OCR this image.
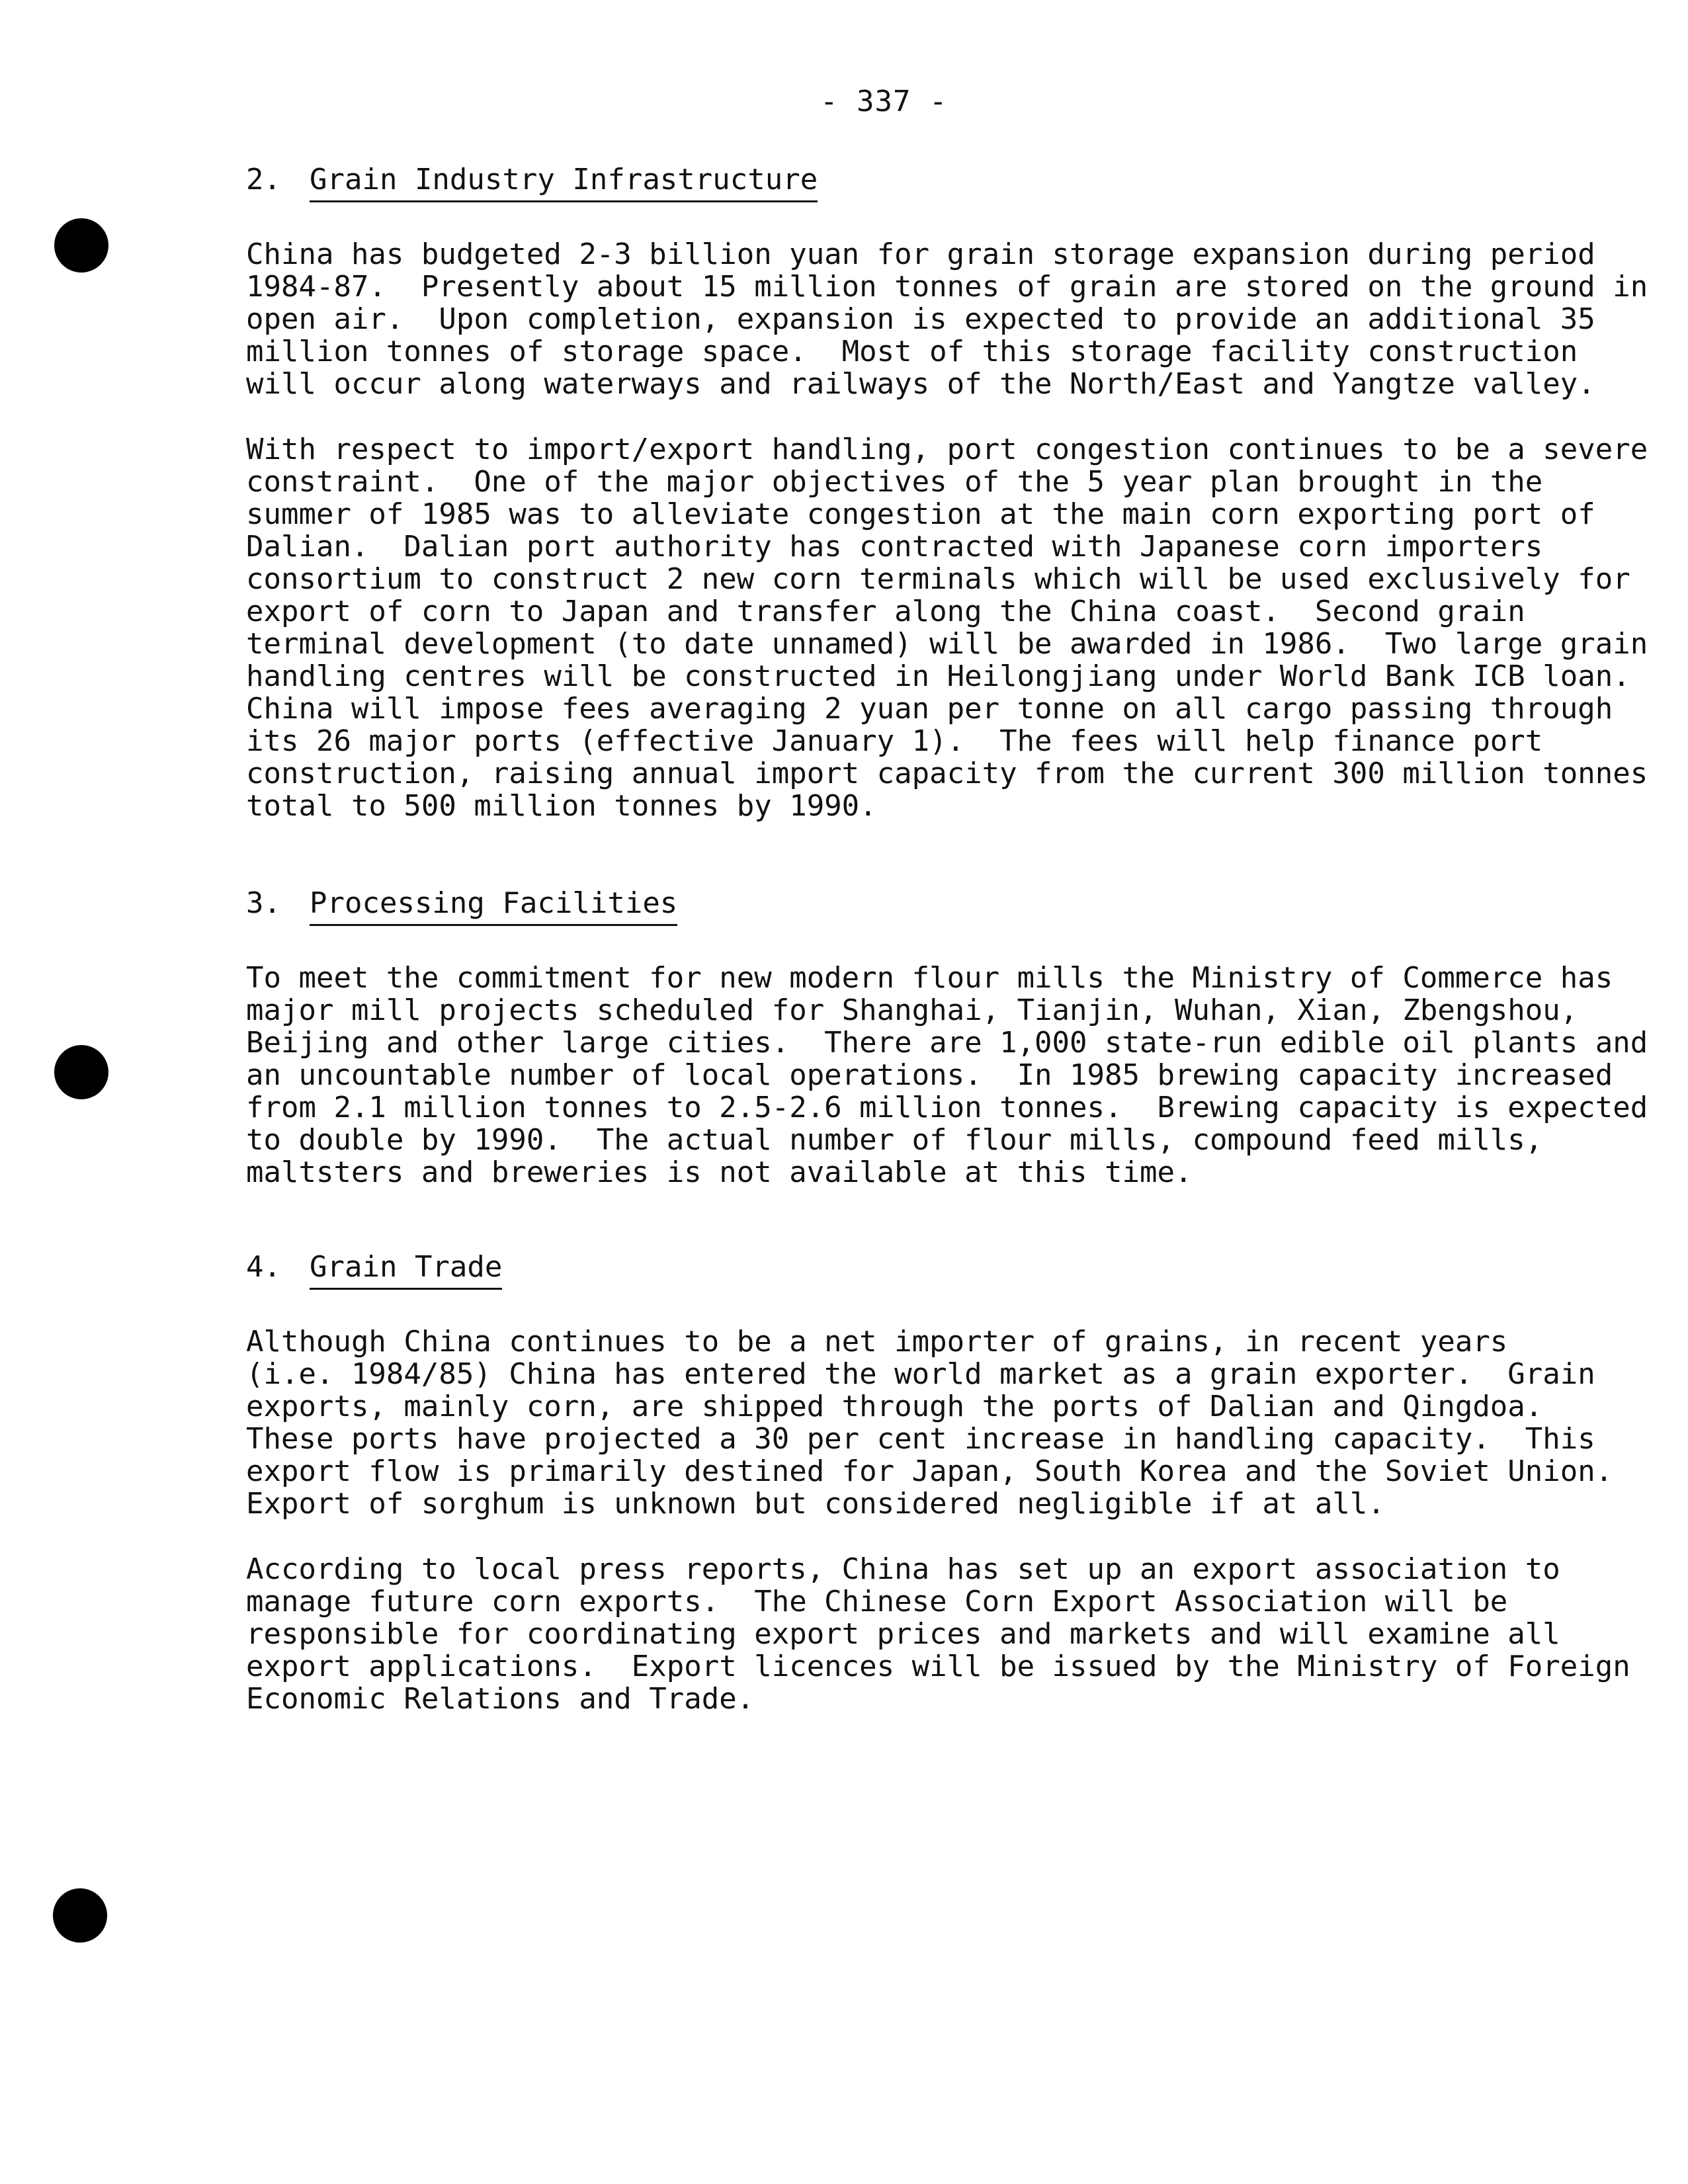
- 337 -
2. Grain Industry Infrastructure
China has budgeted 2-3 billion yuan for grain storage expansion during period
1984-87.  Presently about 15 million tonnes of grain are stored on the ground in
open air.  Upon completion, expansion is expected to provide an additional 35
million tonnes of storage space.  Most of this storage facility construction
will occur along waterways and railways of the North/East and Yangtze valley.
With respect to import/export handling, port congestion continues to be a severe
constraint.  One of the major objectives of the 5 year plan brought in the
summer of 1985 was to alleviate congestion at the main corn exporting port of
Dalian.  Dalian port authority has contracted with Japanese corn importers
consortium to construct 2 new corn terminals which will be used exclusively for
export of corn to Japan and transfer along the China coast.  Second grain
terminal development (to date unnamed) will be awarded in 1986.  Two large grain
handling centres will be constructed in Heilongjiang under World Bank ICB loan.
China will impose fees averaging 2 yuan per tonne on all cargo passing through
its 26 major ports (effective January 1).  The fees will help finance port
construction, raising annual import capacity from the current 300 million tonnes
total to 500 million tonnes by 1990.
3. Processing Facilities
To meet the commitment for new modern flour mills the Ministry of Commerce has
major mill projects scheduled for Shanghai, Tianjin, Wuhan, Xian, Zbengshou,
Beijing and other large cities.  There are 1,000 state-run edible oil plants and
an uncountable number of local operations.  In 1985 brewing capacity increased
from 2.1 million tonnes to 2.5-2.6 million tonnes.  Brewing capacity is expected
to double by 1990.  The actual number of flour mills, compound feed mills,
maltsters and breweries is not available at this time.
4. Grain Trade
Although China continues to be a net importer of grains, in recent years
(i.e. 1984/85) China has entered the world market as a grain exporter.  Grain
exports, mainly corn, are shipped through the ports of Dalian and Qingdoa.
These ports have projected a 30 per cent increase in handling capacity.  This
export flow is primarily destined for Japan, South Korea and the Soviet Union.
Export of sorghum is unknown but considered negligible if at all.
According to local press reports, China has set up an export association to
manage future corn exports.  The Chinese Corn Export Association will be
responsible for coordinating export prices and markets and will examine all
export applications.  Export licences will be issued by the Ministry of Foreign
Economic Relations and Trade.
